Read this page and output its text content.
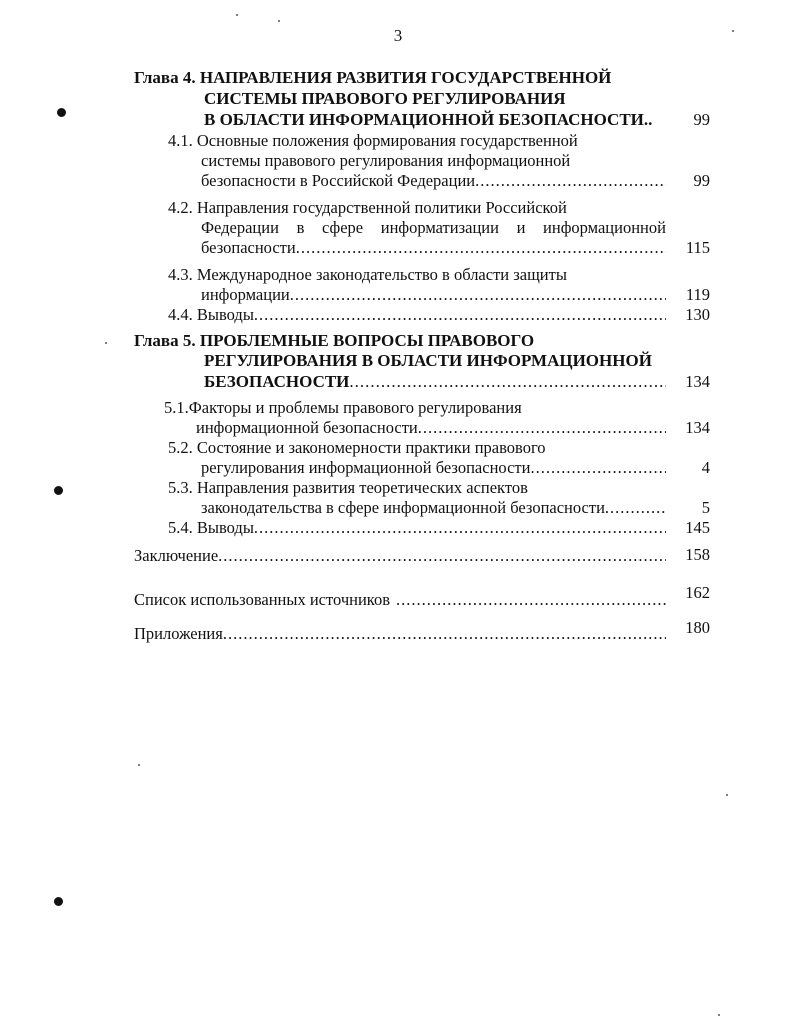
3
Глава 4. НАПРАВЛЕНИЯ РАЗВИТИЯ ГОСУДАРСТВЕННОЙ
СИСТЕМЫ ПРАВОВОГО РЕГУЛИРОВАНИЯ
В ОБЛАСТИ ИНФОРМАЦИОННОЙ БЕЗОПАСНОСТИ..	99
4.1. Основные положения формирования государственной
системы правового регулирования информационной
безопасности в Российской Федерации .....	99
4.2. Направления государственной политики Российской
Федерации в сфере информатизации и информационной
безопасности .....	115
4.3. Международное законодательство в области защиты
информации .....	119
4.4. Выводы .....	130
Глава 5. ПРОБЛЕМНЫЕ ВОПРОСЫ ПРАВОВОГО
РЕГУЛИРОВАНИЯ В ОБЛАСТИ ИНФОРМАЦИОННОЙ
БЕЗОПАСНОСТИ .....	134
5.1.Факторы и проблемы правового регулирования
информационной безопасности .....	134
5.2. Состояние и закономерности практики правового
регулирования информационной безопасности .....	4
5.3. Направления развития теоретических аспектов
законодательства в сфере информационной безопасности .....	5
5.4. Выводы .....	145
Заключение .....	158
Список использованных источников .....	162
Приложения .....	180
